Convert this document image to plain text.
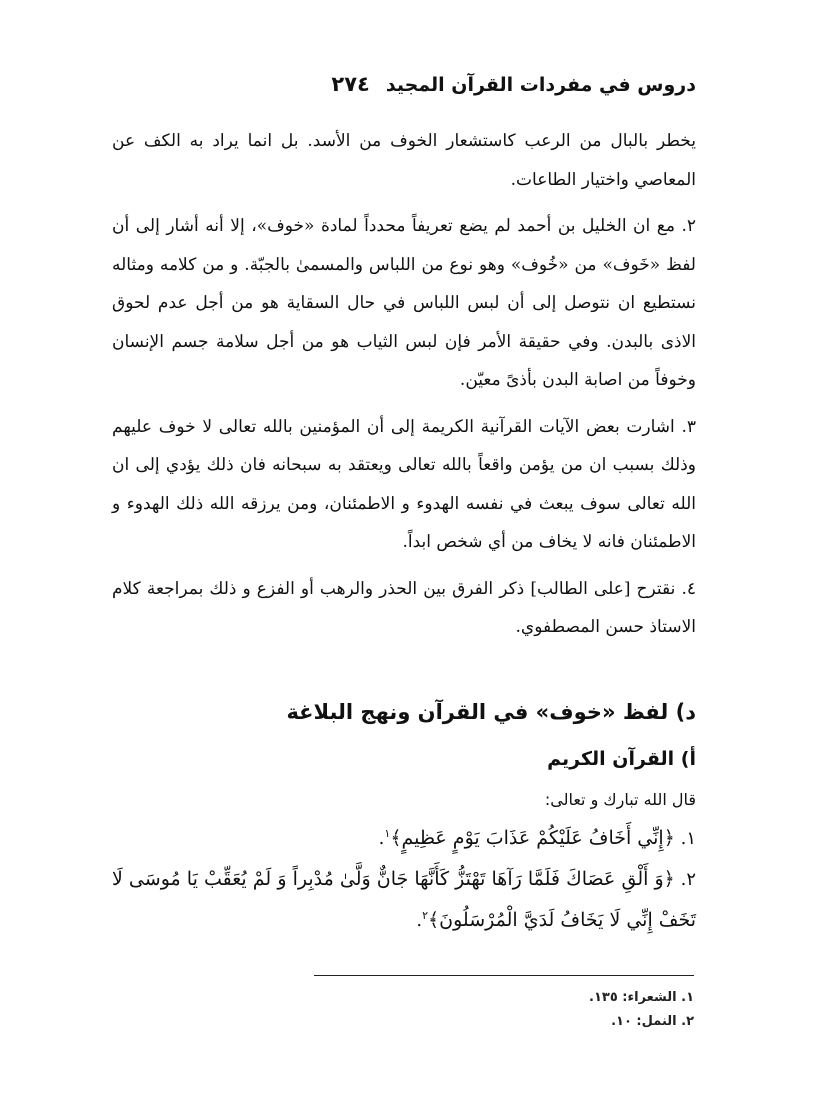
دروس في مفردات القرآن المجيد٢٧٤

يخطر بالبال من الرعب كاستشعار الخوف من الأسد. بل انما يراد به الكف عن المعاصي واختيار الطاعات.

٢. مع ان الخليل بن أحمد لم يضع تعريفاً محدداً لمادة «خوف»، إلا أنه أشار إلى أن لفظ «خَوف» من «خُوف» وهو نوع من اللباس والمسمىٰ بالجبّة. و من كلامه ومثاله نستطيع ان نتوصل إلى أن لبس اللباس في حال السقاية هو من أجل عدم لحوق الاذى بالبدن. وفي حقيقة الأمر فإن لبس الثياب هو من أجل سلامة جسم الإنسان وخوفاً من اصابة البدن بأذىً معيّن.

٣. اشارت بعض الآيات القرآنية الكريمة إلى أن المؤمنين بالله تعالى لا خوف عليهم وذلك بسبب ان من يؤمن واقعاً بالله تعالى ويعتقد به سبحانه فان ذلك يؤدي إلى ان الله تعالى سوف يبعث في نفسه الهدوء و الاطمئنان، ومن يرزقه الله ذلك الهدوء و الاطمئنان فانه لا يخاف من أي شخص ابداً.

٤. نقترح [على الطالب] ذكر الفرق بين الحذر والرهب أو الفزع و ذلك بمراجعة كلام الاستاذ حسن المصطفوي.

د) لفظ «خوف» في القرآن ونهج البلاغة
أ) القرآن الكريم
قال الله تبارك و تعالى:

١. ﴿إِنِّي أَخَافُ عَلَيْكُمْ عَذَابَ يَوْمٍ عَظِيمٍ﴾$^١$.

٢. ﴿وَ أَلْقِ عَصَاكَ فَلَمَّا رَآهَا تَهْتَزُّ كَأَنَّهَا جَانٌّ وَلَّىٰ مُدْبِراً وَ لَمْ يُعَقِّبْ يَا مُوسَى لَا تَخَفْ إِنِّي لَا يَخَافُ لَدَيَّ الْمُرْسَلُونَ﴾$^٢$.

١. الشعراء: ١٣٥.
٢. النمل: ١٠.
